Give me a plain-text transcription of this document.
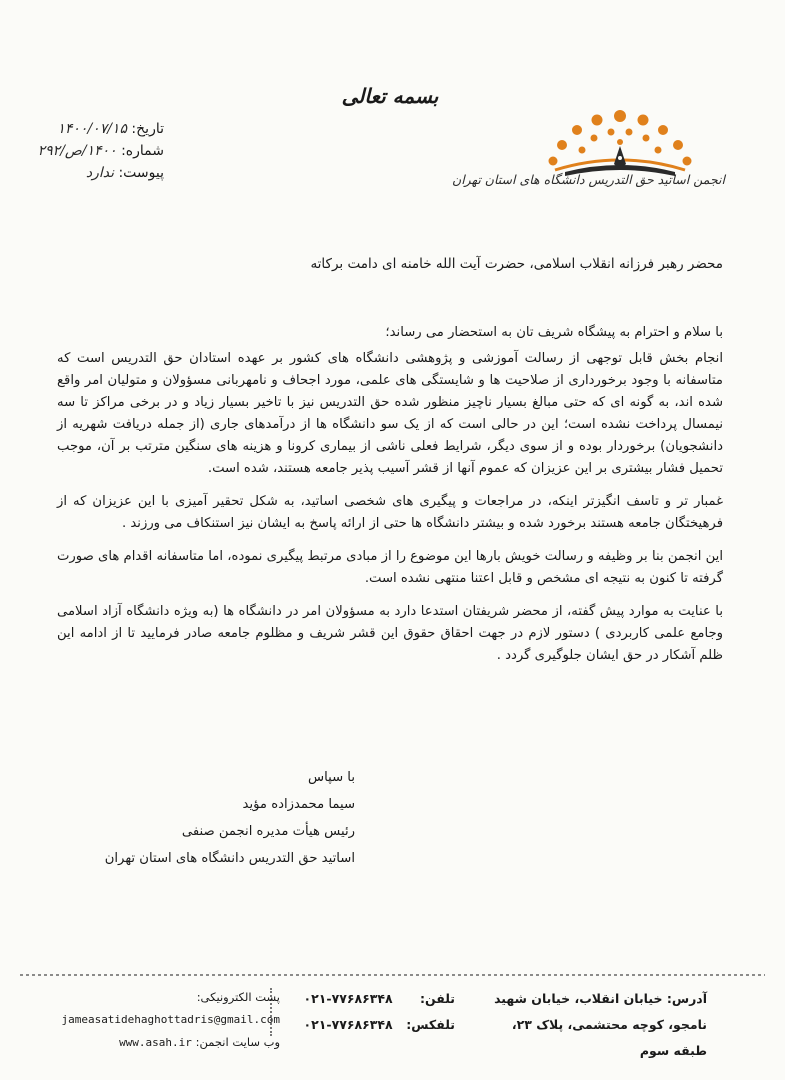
بسمه تعالی
تاریخ: ۱۴۰۰/۰۷/۱۵
شماره: ۱۴۰۰/ص/۲۹۲
پیوست: ندارد	انجمن اساتید حق التدریس دانشگاه های استان تهران
محضر رهبر فرزانه انقلاب اسلامی، حضرت آیت الله خامنه ای دامت برکاته

با سلام و احترام به پیشگاه شریف تان به استحضار می رساند؛

انجام بخش قابل توجهی از رسالت آموزشی و پژوهشی دانشگاه های کشور بر عهده استادان حق التدریس است که متاسفانه با وجود برخورداری از صلاحیت ها و شایستگی های علمی، مورد اجحاف و نامهربانی مسؤولان و متولیان امر واقع شده اند، به گونه ای که حتی مبالغ بسیار ناچیز منظور شده حق التدریس نیز با تاخیر بسیار زیاد و در برخی مراکز تا سه نیمسال پرداخت نشده است؛ این در حالی است که از یک سو دانشگاه ها از درآمدهای جاری (از جمله دریافت شهریه از دانشجویان) برخوردار بوده و از سوی دیگر، شرایط فعلی ناشی از بیماری کرونا و هزینه های سنگین مترتب بر آن، موجب تحمیل فشار بیشتری بر این عزیزان که عموم آنها از قشر آسیب پذیر جامعه هستند، شده است.

غمبار تر و تاسف انگیزتر اینکه، در مراجعات و پیگیری های شخصی اساتید، به شکل تحقیر آمیزی با این عزیزان که از فرهیختگان جامعه هستند برخورد شده و بیشتر دانشگاه ها حتی از ارائه پاسخ به ایشان نیز استنکاف می ورزند .

این انجمن بنا بر وظیفه و رسالت خویش بارها این موضوع را از مبادی مرتبط پیگیری نموده، اما متاسفانه اقدام های صورت گرفته تا کنون به نتیجه ای مشخص و قابل اعتنا منتهی نشده است.

با عنایت به موارد پیش گفته، از محضر شریفتان استدعا دارد به مسؤولان امر در دانشگاه ها (به ویژه دانشگاه آزاد اسلامی وجامع علمی کاربردی ) دستور لازم در جهت احقاق حقوق این قشر شریف و مظلوم جامعه صادر فرمایید تا از ادامه این ظلم آشکار در حق ایشان جلوگیری گردد .

با سپاس
سیما محمدزاده مؤید
رئیس هیأت مدیره انجمن صنفی
اساتید حق التدریس دانشگاه های استان تهران
آدرس: خیابان انقلاب، خیابان شهید
نامجو، کوچه محتشمی، پلاک ۲۳، طبقه سوم
تلفن: ۰۲۱-۷۷۶۸۶۳۴۸
تلفکس: ۰۲۱-۷۷۶۸۶۳۴۸
پست الکترونیکی: jameasatidehaghottadris@gmail.com
وب سایت انجمن: www.asah.ir
